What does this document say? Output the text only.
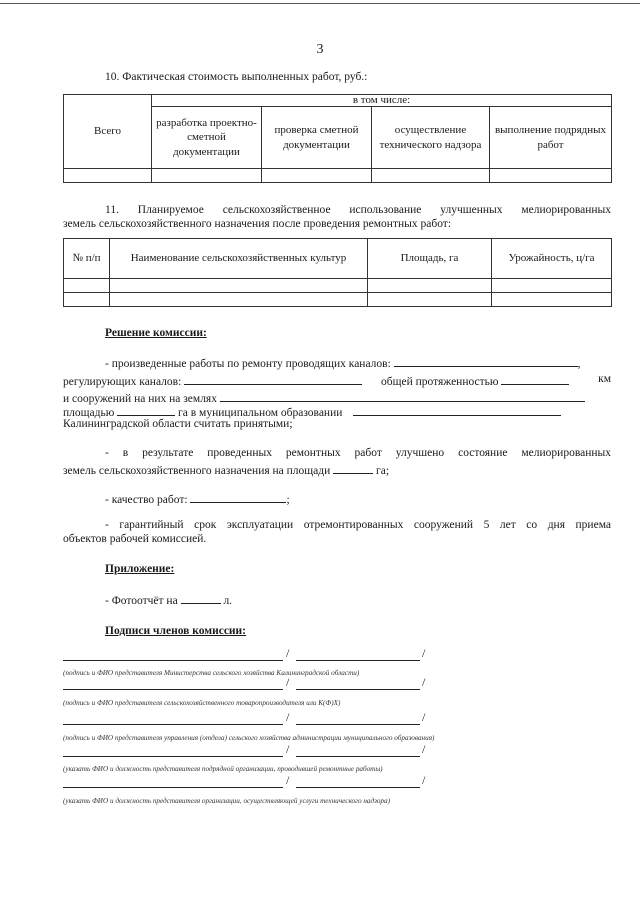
3
10. Фактическая стоимость выполненных работ, руб.:
Всего	в том числе:			
	разработка проектно-сметной документации	проверка сметной документации	осуществление технического надзора	выполнение подрядных работ

11. Планируемое сельскохозяйственное использование улучшенных мелиорированных
земель сельскохозяйственного назначения после проведения ремонтных работ:
№ п/п	Наименование сельскохозяйственных культур	Площадь, га	Урожайность, ц/га

Решение комиссии:
- произведенные работы по ремонту проводящих каналов:	,
регулирующих каналов:	общей протяженностью	км
и сооружений на них на землях
площадью	га в муниципальном образовании
Калининградской области считать принятыми;
- в результате проведенных ремонтных работ улучшено состояние мелиорированных
земель сельскохозяйственного назначения на площади	га;
- качество работ:	;
- гарантийный срок эксплуатации отремонтированных сооружений 5 лет со дня приема
объектов рабочей комиссией.
Приложение:
- Фотоотчёт на	л.
Подписи членов комиссии:
/	/
(подпись и ФИО представителя Министерства сельского хозяйства Калининградской области)
/	/
(подпись и ФИО представителя сельскохозяйственного товаропроизводителя или К(Ф)Х)
/	/
(подпись и ФИО представителя управления (отдела) сельского хозяйства администрации муниципального образования)
/	/
(указать ФИО и должность представителя подрядной организации, проводившей ремонтные работы)
/	/
(указать ФИО и должность представителя организации, осуществляющей услуги технического надзора)
